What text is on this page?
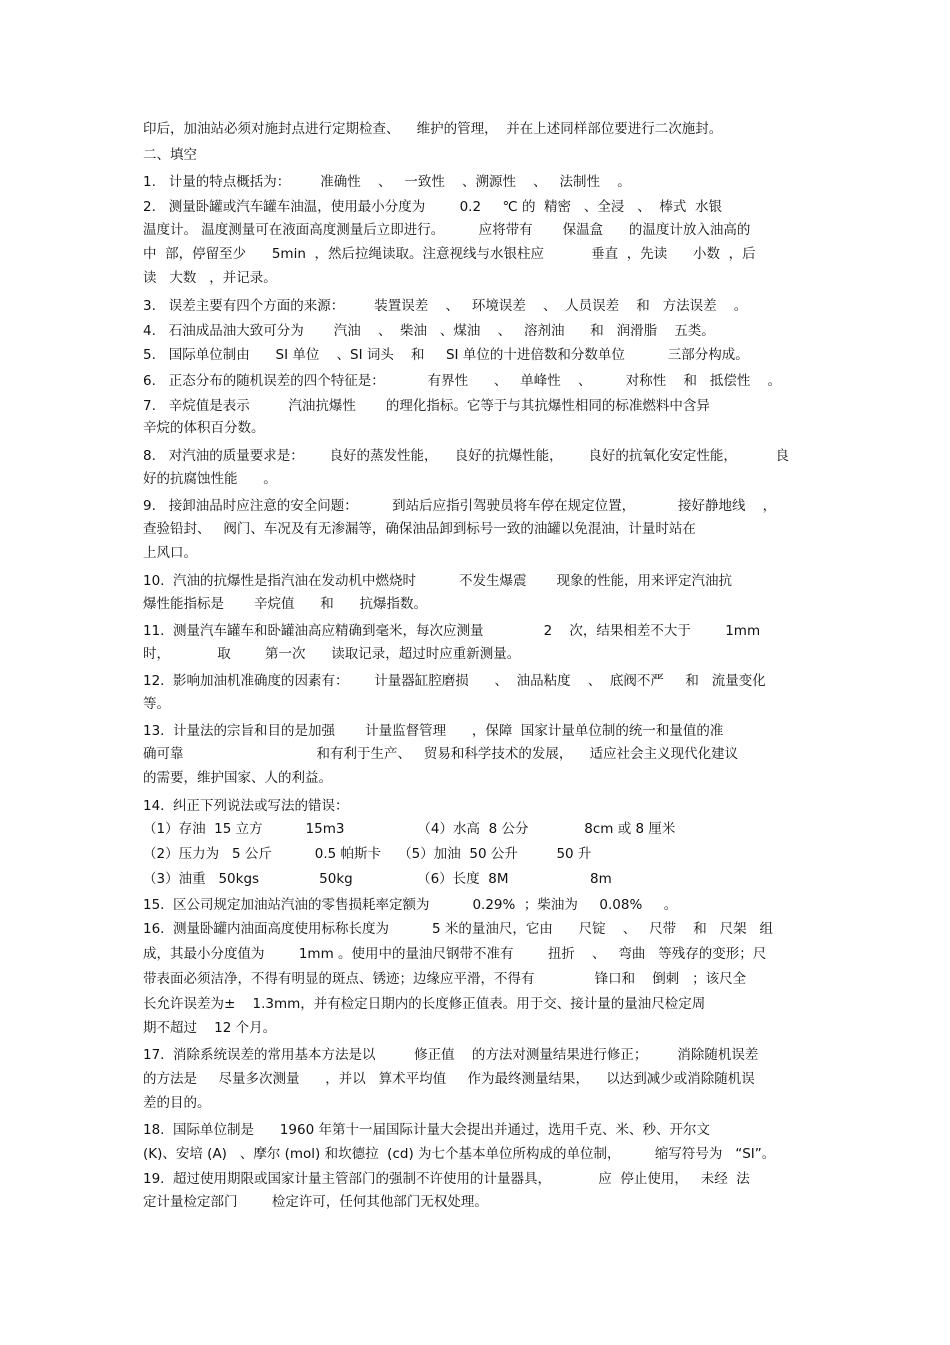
印后，加油站必须对施封点进行定期检查、    维护的管理，  并在上述同样部位要进行二次施封。
二、填空
1.   计量的特点概括为：       准确性    、   一致性    、溯源性    、   法制性    。
2.   测量卧罐或汽车罐车油温，使用最小分度为        0.2     ℃ 的  精密   、全浸   、  棒式  水银
温度计。 温度测量可在液面高度测量后立即进行。        应将带有       保温盒      的温度计放入油高的
中  部，停留至少      5min  ，然后拉绳读取。注意视线与水银柱应           垂直  ，先读      小数  ，后
读   大数   ，并记录。
3.   误差主要有四个方面的来源：       装置误差    、   环境误差    、  人员误差    和   方法误差    。
4.   石油成品油大致可分为       汽油    、  柴油   、煤油    、   溶剂油      和   润滑脂    五类。
5.   国际单位制由      SI 单位    、SI 词头    和     SI 单位的十进倍数和分数单位          三部分构成。
6.   正态分布的随机误差的四个特征是：          有界性      、   单峰性    、        对称性    和   抵偿性    。
7.   辛烷值是表示         汽油抗爆性       的理化指标。它等于与其抗爆性相同的标准燃料中含异
辛烷的体积百分数。
8.   对汽油的质量要求是：      良好的蒸发性能，    良好的抗爆性能，      良好的抗氧化安定性能，         良
好的抗腐蚀性能      。
9.   接卸油品时应注意的安全问题：        到站后应指引驾驶员将车停在规定位置，          接好静地线    ，
查验铅封、   阀门、车况及有无渗漏等，确保油品卸到标号一致的油罐以免混油，计量时站在
上风口。
10.  汽油的抗爆性是指汽油在发动机中燃烧时          不发生爆震       现象的性能，用来评定汽油抗
爆性能指标是       辛烷值      和      抗爆指数。
11.  测量汽车罐车和卧罐油高应精确到毫米，每次应测量              2    次，结果相差不大于        1mm
时，           取        第一次      读取记录，超过时应重新测量。
12.  影响加油机准确度的因素有：      计量器缸腔磨损      、  油品粘度    、  底阀不严     和   流量变化
等。
13.  计量法的宗旨和目的是加强       计量监督管理      ，保障  国家计量单位制的统一和量值的准
确可靠                               和有利于生产、   贸易和科学技术的发展，    适应社会主义现代化建议
的需要，维护国家、人的利益。
14.  纠正下列说法或写法的错误：
（1）存油  15 立方          15m3                 （4）水高  8 公分             8cm 或 8 厘米
（2）压力为   5 公斤          0.5 帕斯卡    （5）加油  50 公升         50 升
（3）油重   50kgs              50kg               （6）长度  8M                   8m
15.  区公司规定加油站汽油的零售损耗率定额为          0.29%  ；柴油为     0.08%     。
16.  测量卧罐内油面高度使用标称长度为          5 米的量油尺，它由      尺锭    、   尺带    和   尺架   组
成，其最小分度值为        1mm 。使用中的量油尺钢带不准有        扭折    、   弯曲   等残存的变形；尺
带表面必须洁净，不得有明显的斑点、锈迹；边缘应平滑，不得有              锋口和    倒刺   ；该尺全
长允许误差为±    1.3mm，并有检定日期内的长度修正值表。用于交、接计量的量油尺检定周
期不超过    12 个月。
17.  消除系统误差的常用基本方法是以         修正值    的方法对测量结果进行修正；       消除随机误差
的方法是     尽量多次测量      ，并以   算术平均值     作为最终测量结果，    以达到减少或消除随机误
差的目的。
18.  国际单位制是      1960 年第十一届国际计量大会提出并通过，选用千克、米、秒、开尔文
(K)、安培 (A)   、摩尔 (mol) 和坎德拉  (cd) 为七个基本单位所构成的单位制，        缩写符号为   “SI”。
19.  超过使用期限或国家计量主管部门的强制不许使用的计量器具，           应  停止使用，   未经  法
定计量检定部门        检定许可，任何其他部门无权处理。
